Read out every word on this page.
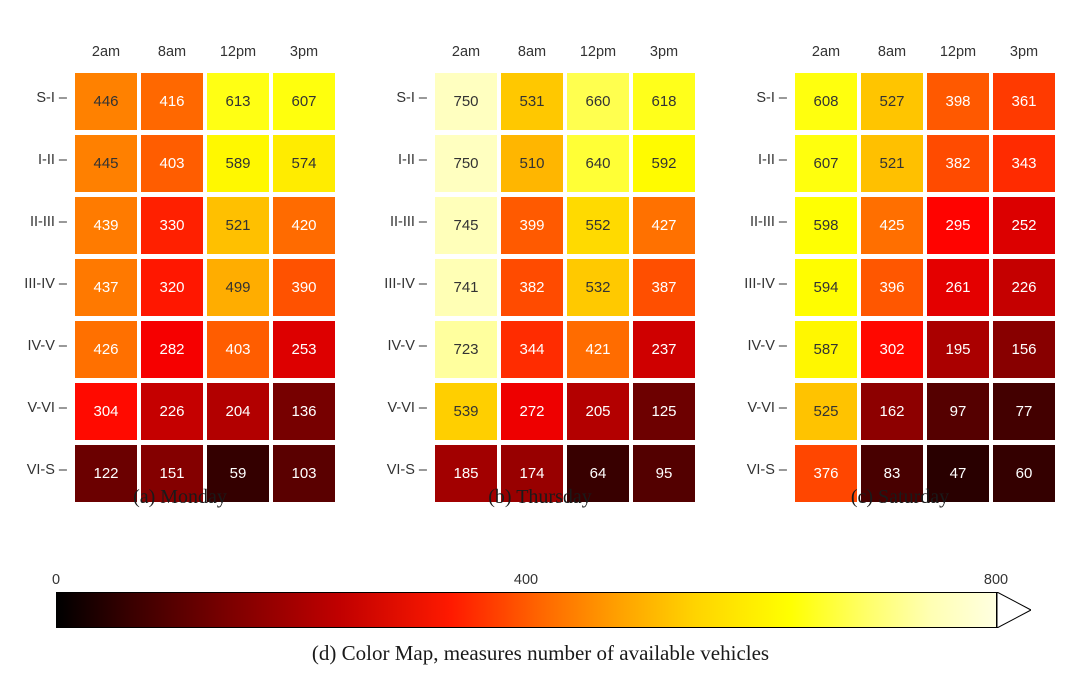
2am	8am	12pm	3pm
S-I –	446	416	613	607
I-II –	445	403	589	574
II-III –	439	330	521	420
III-IV –	437	320	499	390
IV-V –	426	282	403	253
V-VI –	304	226	204	136
VI-S –	122	151	59	103
(a) Monday
2am	8am	12pm	3pm
S-I –	750	531	660	618
I-II –	750	510	640	592
II-III –	745	399	552	427
III-IV –	741	382	532	387
IV-V –	723	344	421	237
V-VI –	539	272	205	125
VI-S –	185	174	64	95
(b) Thursday
2am	8am	12pm	3pm
S-I –	608	527	398	361
I-II –	607	521	382	343
II-III –	598	425	295	252
III-IV –	594	396	261	226
IV-V –	587	302	195	156
V-VI –	525	162	97	77
VI-S –	376	83	47	60
(c) Saturday
0	400	800
(d) Color Map, measures number of available vehicles
